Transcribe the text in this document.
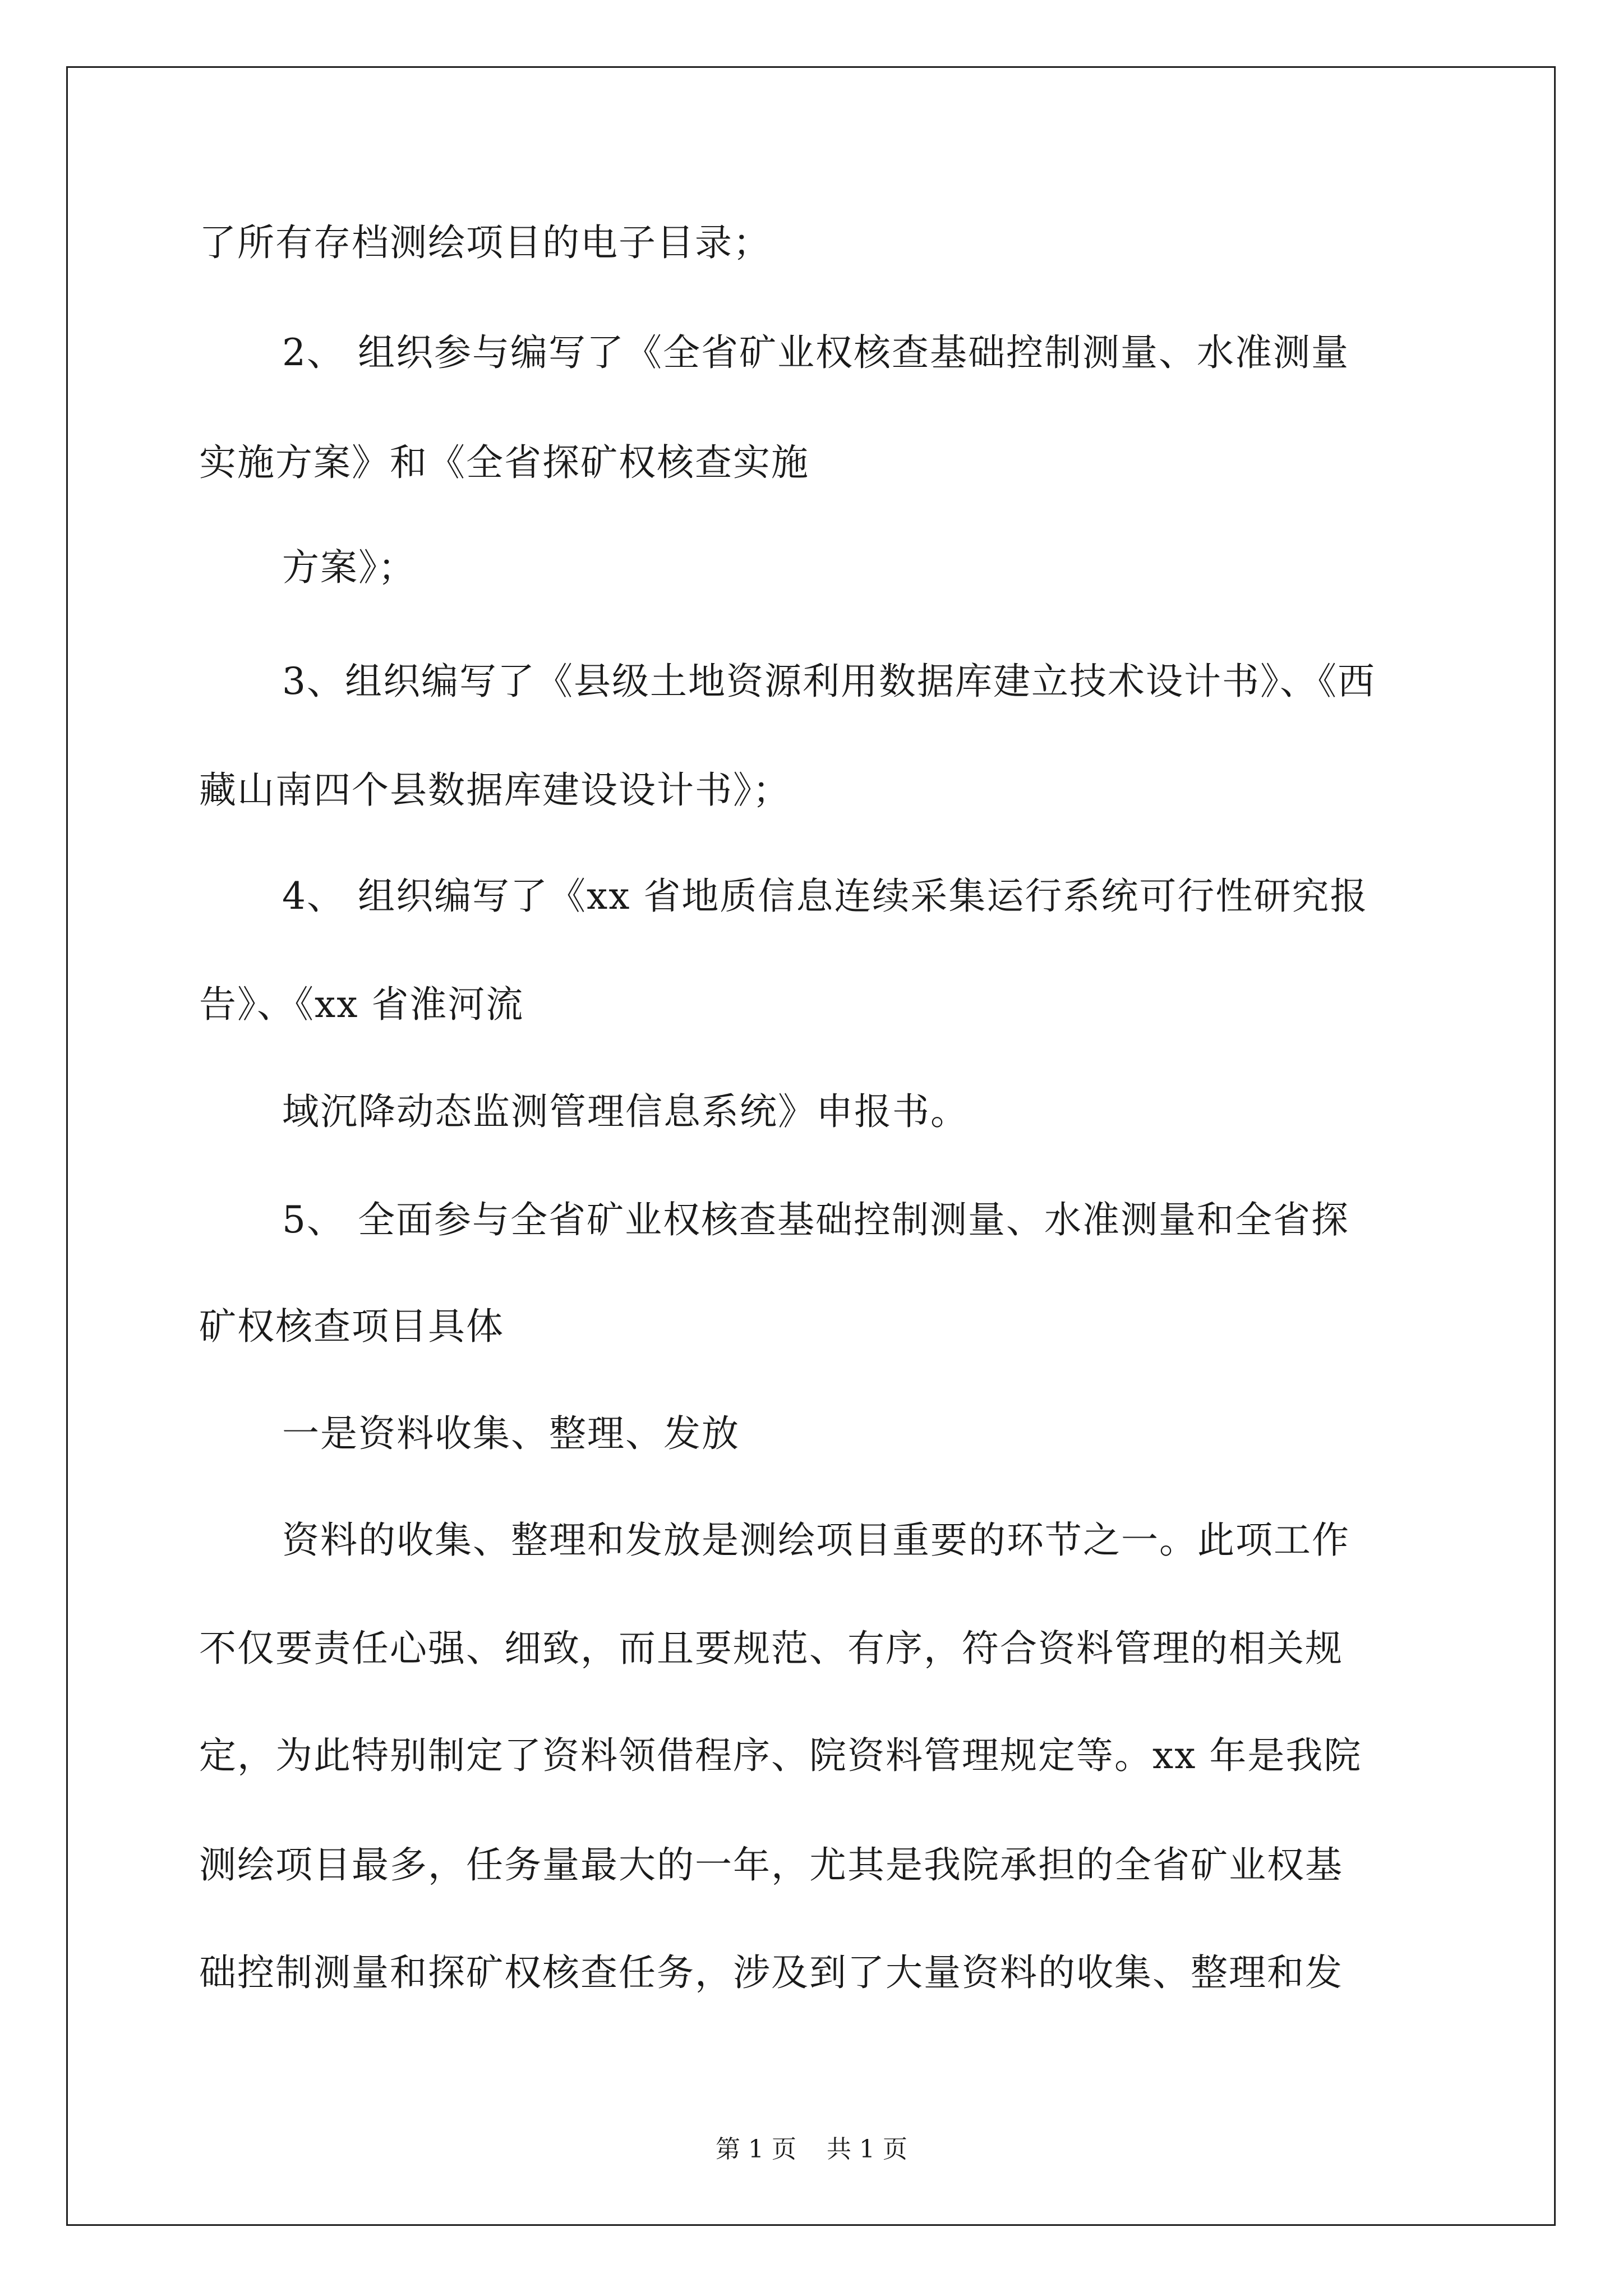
了所有存档测绘项目的电子目录；
2、 组织参与编写了《全省矿业权核查基础控制测量、水准测量
实施方案》和《全省探矿权核查实施
方案》；
3、组织编写了《县级土地资源利用数据库建立技术设计书》、《西
藏山南四个县数据库建设设计书》；
4、 组织编写了《xx 省地质信息连续采集运行系统可行性研究报
告》、《xx 省淮河流
域沉降动态监测管理信息系统》申报书。
5、 全面参与全省矿业权核查基础控制测量、水准测量和全省探
矿权核查项目具体
一是资料收集、整理、发放
资料的收集、整理和发放是测绘项目重要的环节之一。此项工作
不仅要责任心强、细致，而且要规范、有序，符合资料管理的相关规
定，为此特别制定了资料领借程序、院资料管理规定等。xx 年是我院
测绘项目最多，任务量最大的一年，尤其是我院承担的全省矿业权基
础控制测量和探矿权核查任务，涉及到了大量资料的收集、整理和发
第 1 页 共 1 页
